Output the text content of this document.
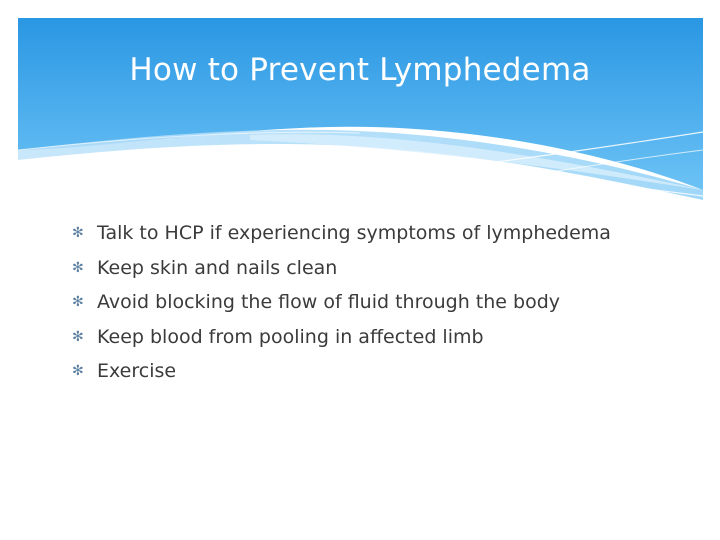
How to Prevent Lymphedema
✻ Talk to HCP if experiencing symptoms of lymphedema
✻ Keep skin and nails clean
✻ Avoid blocking the flow of fluid through the body
✻ Keep blood from pooling in affected limb
✻ Exercise
